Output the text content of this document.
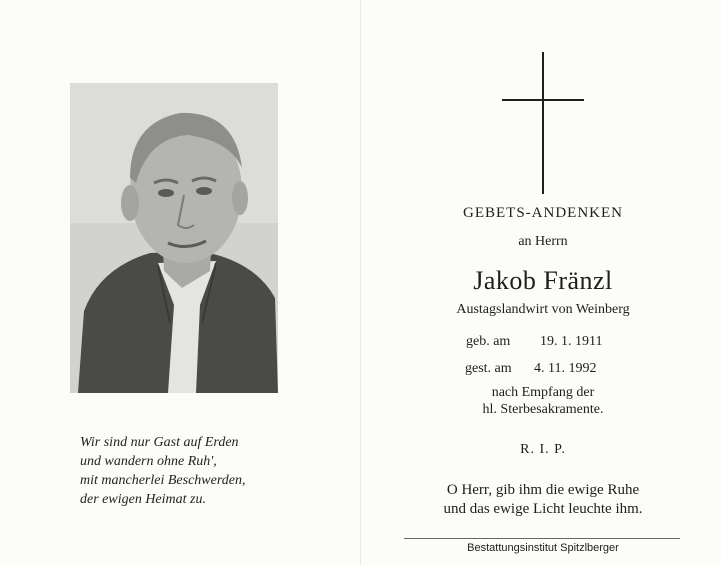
Wir sind nur Gast auf Erden
und wandern ohne Ruh',
mit mancherlei Beschwerden,
der ewigen Heimat zu.
GEBETS-ANDENKEN
an Herrn
Jakob Fränzl
Austagslandwirt von Weinberg
geb. am 19. 1. 1911
gest. am 4. 11. 1992
nach Empfang der
hl. Sterbesakramente.
R. I. P.
O Herr, gib ihm die ewige Ruhe
und das ewige Licht leuchte ihm.
Bestattungsinstitut Spitzlberger
